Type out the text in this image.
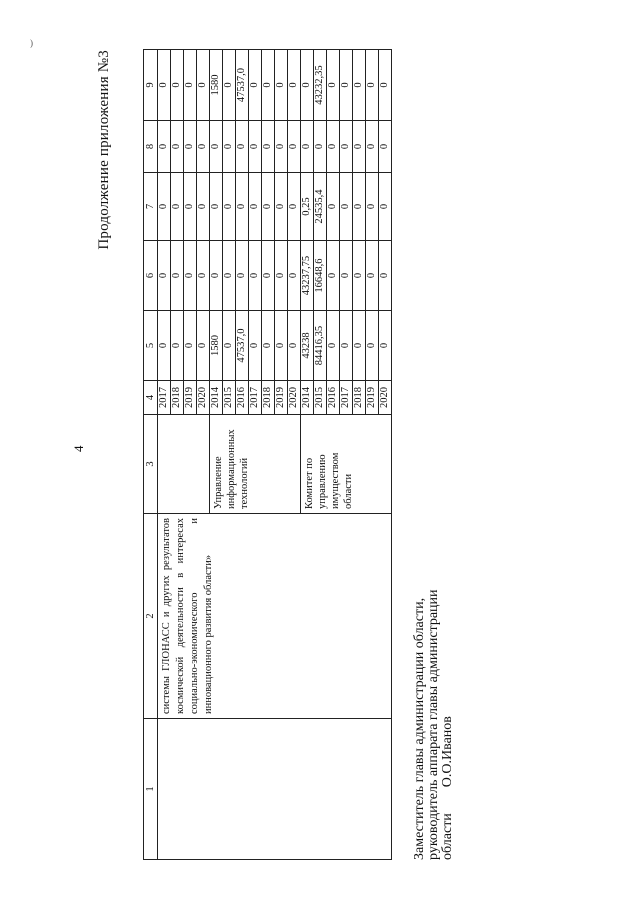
)
4
Продолжение приложения №3
1	2	3	4	5	6	7	8	9
	системы ГЛОНАСС и других результатов космической деятельности в интересах социально-экономического и инновационного развития области»		2017	0	0	0	0	0
			2018	0	0	0	0	0
			2019	0	0	0	0	0
			2020	0	0	0	0	0
		Управление информационных технологий	2014	1580	0	0	0	1580
			2015	0	0	0	0	0
			2016	47537,0	0	0	0	47537,0
			2017	0	0	0	0	0
			2018	0	0	0	0	0
			2019	0	0	0	0	0
			2020	0	0	0	0	0
		Комитет по управлению имуществом области	2014	43238	43237,75	0,25	0	0
			2015	84416,35	16648,6	24535,4	0	43232,35
			2016	0	0	0	0	0
			2017	0	0	0	0	0
			2018	0	0	0	0	0
			2019	0	0	0	0	0
			2020	0	0	0	0	0
Заместитель главы администрации области, руководитель аппарата главы администрации областиО.О.Иванов
